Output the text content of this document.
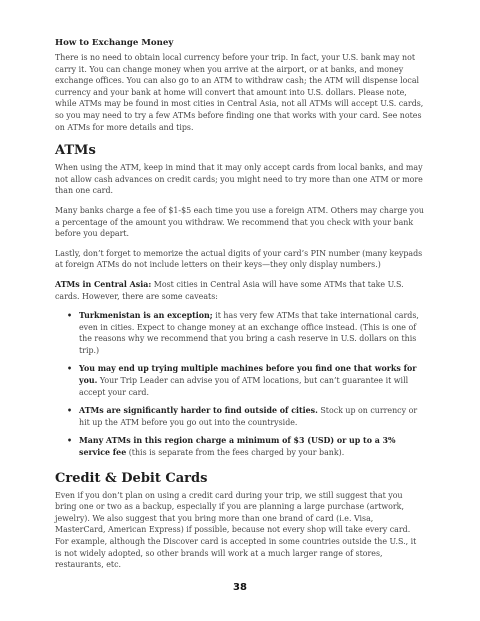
How to Exchange Money

There is no need to obtain local currency before your trip. In fact, your U.S. bank may not carry it. You can change money when you arrive at the airport, or at banks, and money exchange offices. You can also go to an ATM to withdraw cash; the ATM will dispense local currency and your bank at home will convert that amount into U.S. dollars. Please note, while ATMs may be found in most cities in Central Asia, not all ATMs will accept U.S. cards, so you may need to try a few ATMs before finding one that works with your card. See notes on ATMs for more details and tips.

ATMs

When using the ATM, keep in mind that it may only accept cards from local banks, and may not allow cash advances on credit cards; you might need to try more than one ATM or more than one card.

Many banks charge a fee of $1-$5 each time you use a foreign ATM. Others may charge you a percentage of the amount you withdraw. We recommend that you check with your bank before you depart.

Lastly, don’t forget to memorize the actual digits of your card’s PIN number (many keypads at foreign ATMs do not include letters on their keys—they only display numbers.)

ATMs in Central Asia: Most cities in Central Asia will have some ATMs that take U.S. cards. However, there are some caveats:

• Turkmenistan is an exception; it has very few ATMs that take international cards, even in cities. Expect to change money at an exchange office instead. (This is one of the reasons why we recommend that you bring a cash reserve in U.S. dollars on this trip.)
• You may end up trying multiple machines before you find one that works for you. Your Trip Leader can advise you of ATM locations, but can’t guarantee it will accept your card.
• ATMs are significantly harder to find outside of cities. Stock up on currency or hit up the ATM before you go out into the countryside.
• Many ATMs in this region charge a minimum of $3 (USD) or up to a 3% service fee (this is separate from the fees charged by your bank).
Credit & Debit Cards

Even if you don’t plan on using a credit card during your trip, we still suggest that you bring one or two as a backup, especially if you are planning a large purchase (artwork, jewelry). We also suggest that you bring more than one brand of card (i.e. Visa, MasterCard, American Express) if possible, because not every shop will take every card. For example, although the Discover card is accepted in some countries outside the U.S., it is not widely adopted, so other brands will work at a much larger range of stores, restaurants, etc.

38
